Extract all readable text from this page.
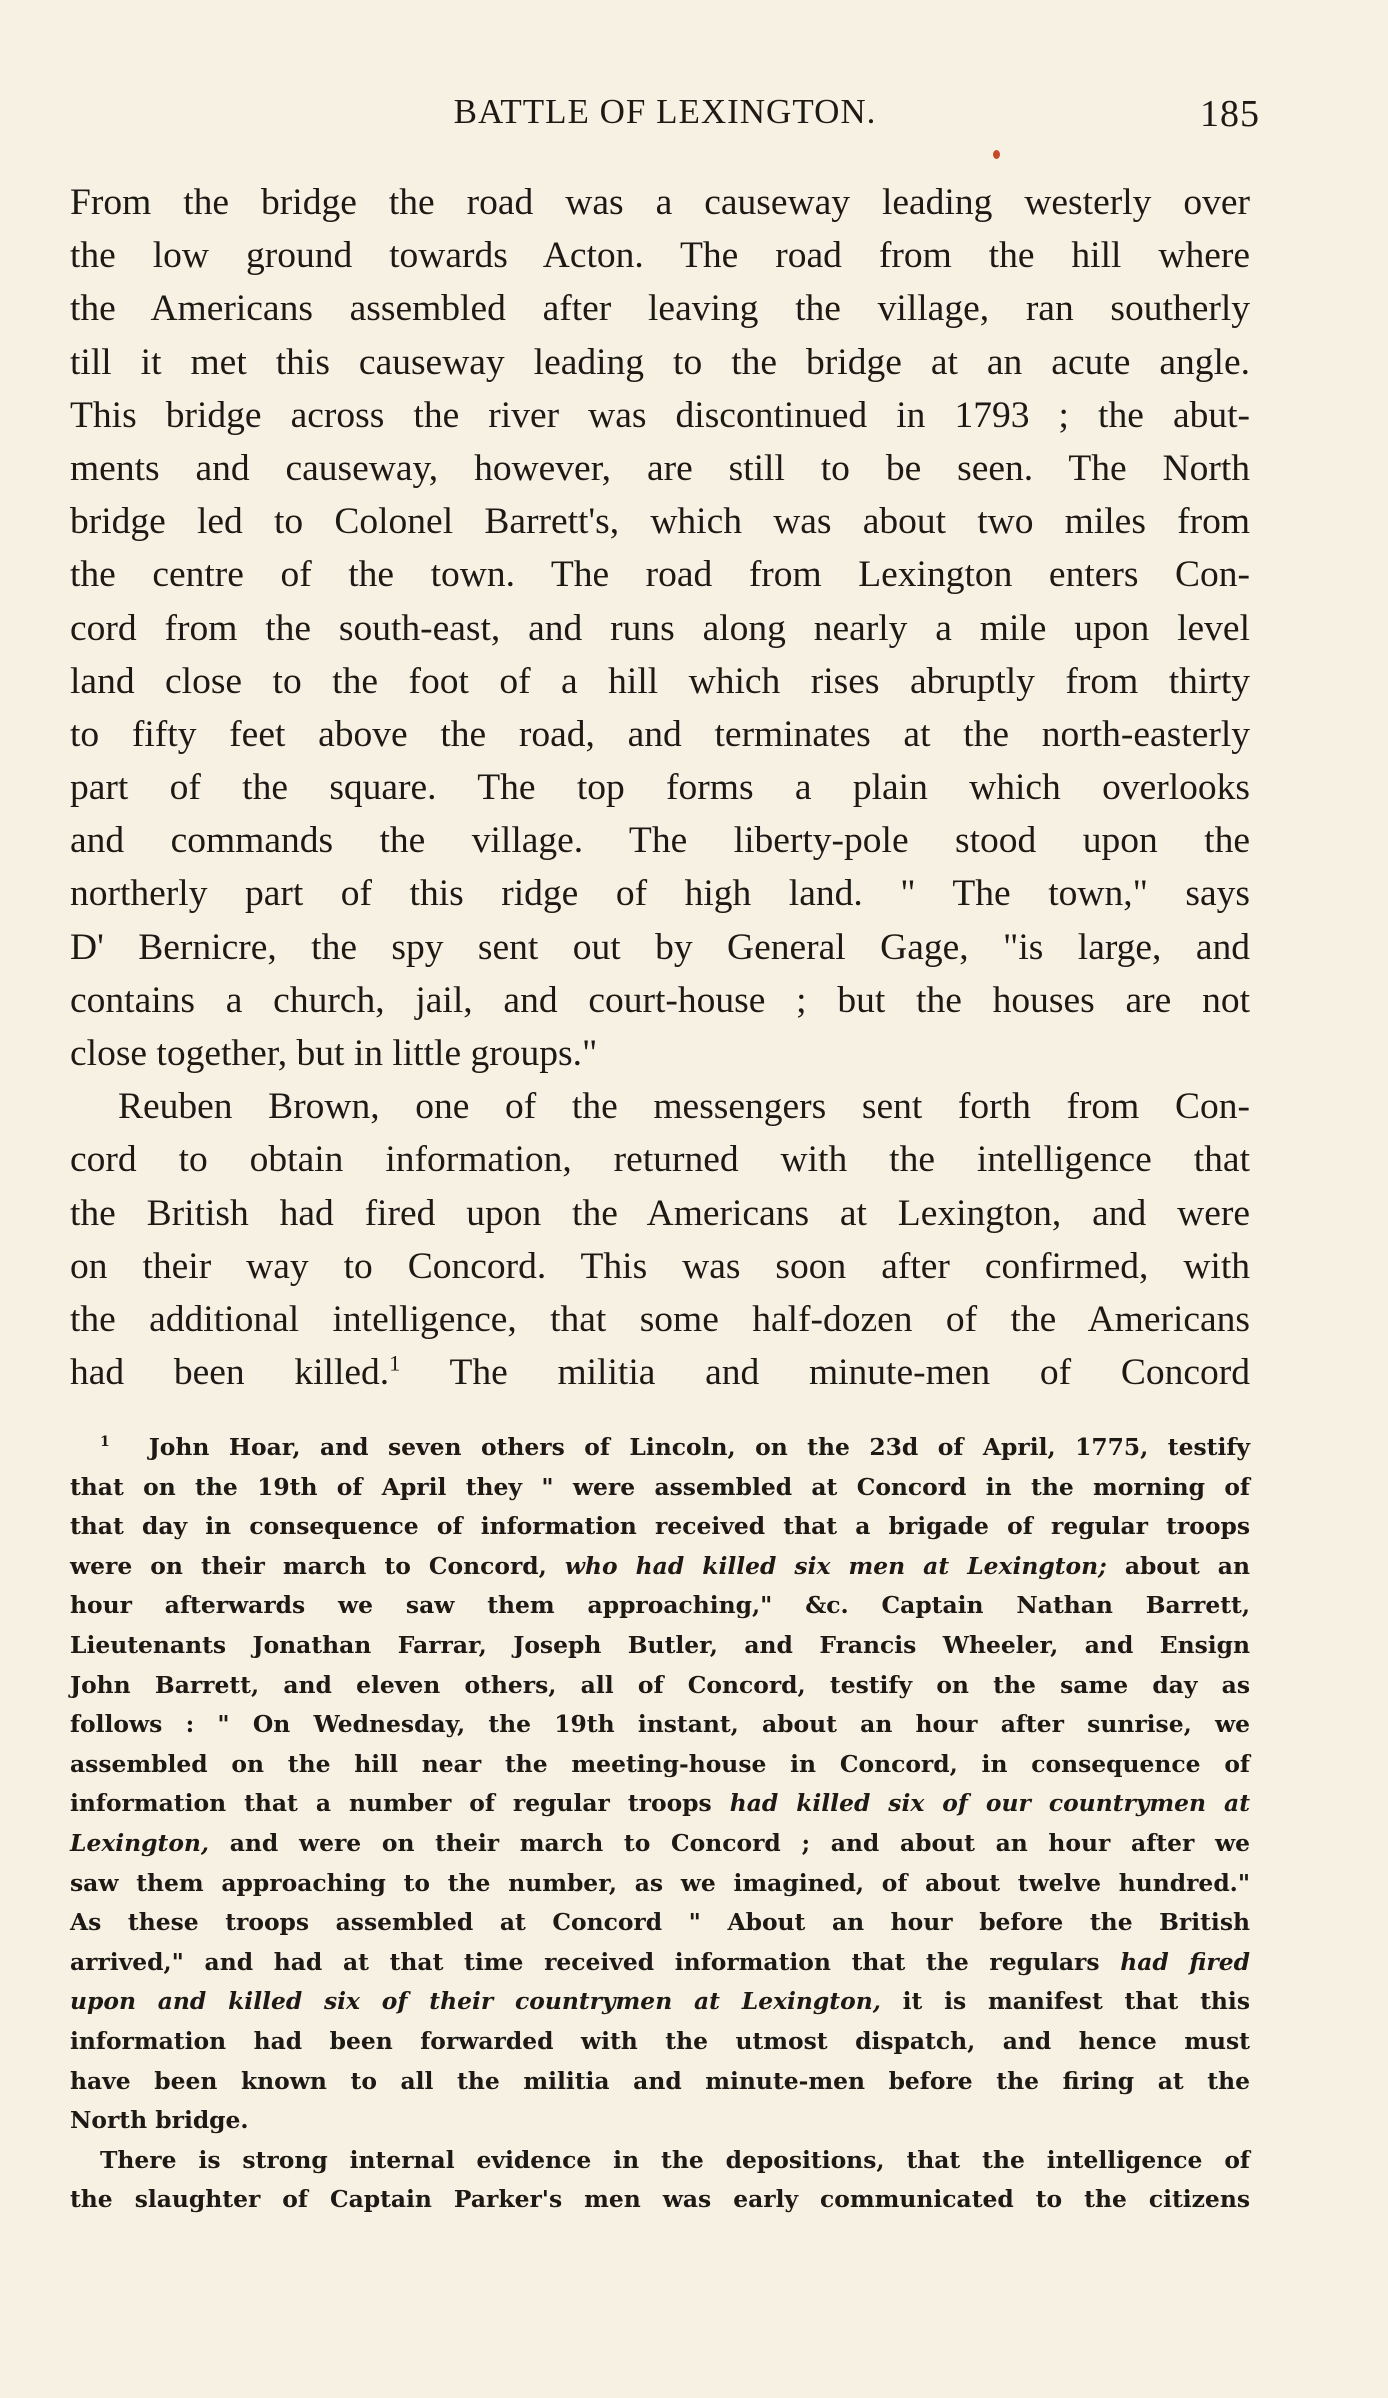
BATTLE OF LEXINGTON.	185
From the bridge the road was a causeway leading westerly over
the low ground towards Acton. The road from the hill where
the Americans assembled after leaving the village, ran southerly
till it met this causeway leading to the bridge at an acute angle.
This bridge across the river was discontinued in 1793 ; the abut-
ments and causeway, however, are still to be seen. The North
bridge led to Colonel Barrett's, which was about two miles from
the centre of the town. The road from Lexington enters Con-
cord from the south-east, and runs along nearly a mile upon level
land close to the foot of a hill which rises abruptly from thirty
to fifty feet above the road, and terminates at the north-easterly
part of the square. The top forms a plain which overlooks
and commands the village. The liberty-pole stood upon the
northerly part of this ridge of high land. " The town," says
D' Bernicre, the spy sent out by General Gage, "is large, and
contains a church, jail, and court-house ; but the houses are not
close together, but in little groups."
Reuben Brown, one of the messengers sent forth from Con-
cord to obtain information, returned with the intelligence that
the British had fired upon the Americans at Lexington, and were
on their way to Concord. This was soon after confirmed, with
the additional intelligence, that some half-dozen of the Americans
had been killed.$^1$ The militia and minute-men of Concord
$^1$ John Hoar, and seven others of Lincoln, on the 23d of April, 1775, testify
that on the 19th of April they " were assembled at Concord in the morning of
that day in consequence of information received that a brigade of regular troops
were on their march to Concord, who had killed six men at Lexington; about an
hour afterwards we saw them approaching," &c. Captain Nathan Barrett,
Lieutenants Jonathan Farrar, Joseph Butler, and Francis Wheeler, and Ensign
John Barrett, and eleven others, all of Concord, testify on the same day as
follows : " On Wednesday, the 19th instant, about an hour after sunrise, we
assembled on the hill near the meeting-house in Concord, in consequence of
information that a number of regular troops had killed six of our countrymen at
Lexington, and were on their march to Concord ; and about an hour after we
saw them approaching to the number, as we imagined, of about twelve hundred."
As these troops assembled at Concord " About an hour before the British
arrived," and had at that time received information that the regulars had fired
upon and killed six of their countrymen at Lexington, it is manifest that this
information had been forwarded with the utmost dispatch, and hence must
have been known to all the militia and minute-men before the firing at the
North bridge.
There is strong internal evidence in the depositions, that the intelligence of
the slaughter of Captain Parker's men was early communicated to the citizens
